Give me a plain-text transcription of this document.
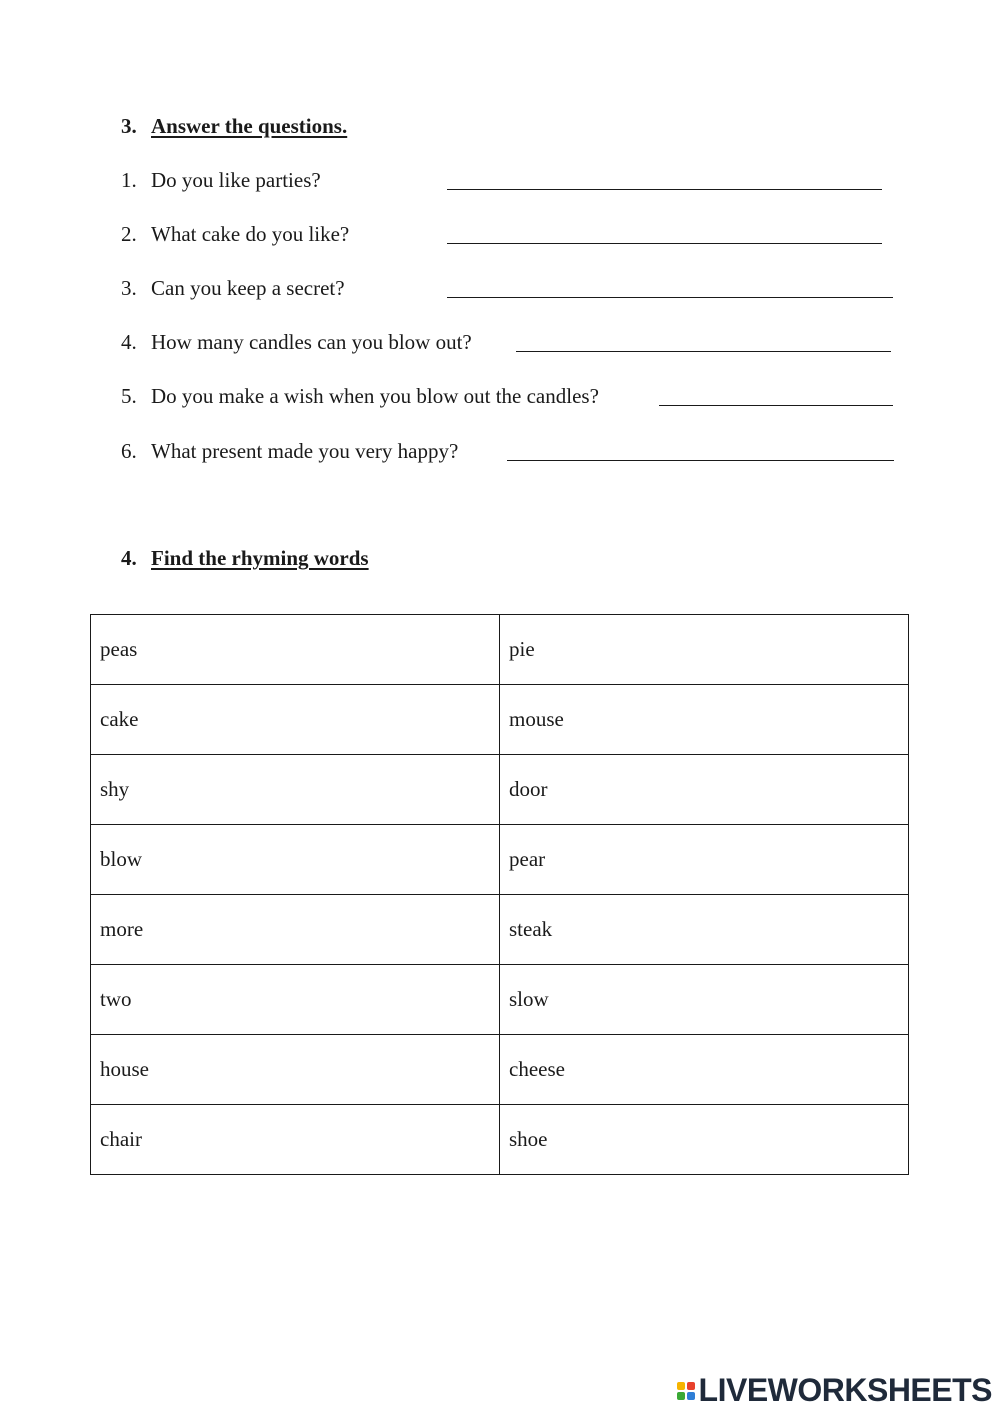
3. Answer the questions.
1. Do you like parties?
2. What cake do you like?
3. Can you keep a secret?
4. How many candles can you blow out?
5. Do you make a wish when you blow out the candles?
6. What present made you very happy?
4. Find the rhyming words
peas	pie
cake	mouse
shy	door
blow	pear
more	steak
two	slow
house	cheese
chair	shoe
LIVEWORKSHEETS
